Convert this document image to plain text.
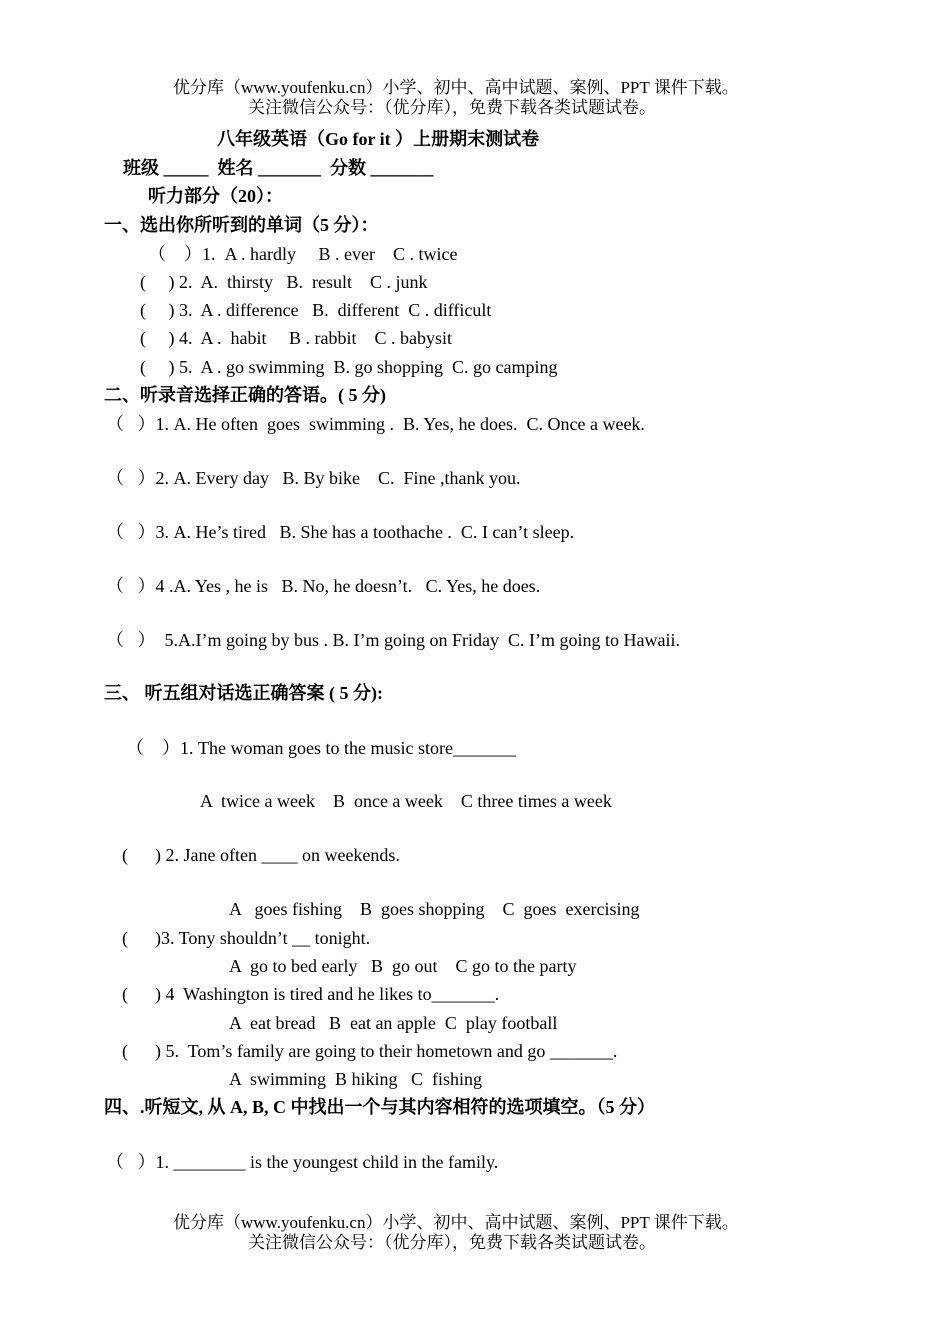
优分库（www.youfenku.cn）小学、初中、高中试题、案例、PPT 课件下载。
关注微信公众号：（优分库），免费下载各类试题试卷。
八年级英语（Go for it ）上册期末测试卷
班级 _____  姓名 _______  分数 _______
听力部分（20）：
一、选出你所听到的单词（5 分）：
（    ）1.  A . hardly     B . ever    C . twice
(     ) 2.  A.  thirsty   B.  result    C . junk
(     ) 3.  A . difference   B.  different  C . difficult
(     ) 4.  A .  habit     B . rabbit    C . babysit
(     ) 5.  A . go swimming  B. go shopping  C. go camping
二、听录音选择正确的答语。( 5 分)
（   ）1. A. He often  goes  swimming .  B. Yes, he does.  C. Once a week.
（   ）2. A. Every day   B. By bike    C.  Fine ,thank you.
（   ）3. A. He’s tired   B. She has a toothache .  C. I can’t sleep.
（   ）4 .A. Yes , he is   B. No, he doesn’t.   C. Yes, he does.
（   ）  5.A.I’m going by bus . B. I’m going on Friday  C. I’m going to Hawaii.
三、 听五组对话选正确答案 ( 5 分):
（    ）1. The woman goes to the music store_______
A  twice a week    B  once a week    C three times a week
(      ) 2. Jane often ____ on weekends.
A   goes fishing    B  goes shopping    C  goes  exercising
(      )3. Tony shouldn’t __ tonight.
A  go to bed early   B  go out    C go to the party
(      ) 4  Washington is tired and he likes to_______.
A  eat bread   B  eat an apple  C  play football
(      ) 5.  Tom’s family are going to their hometown and go _______.
A  swimming  B hiking   C  fishing
四、.听短文, 从 A, B, C 中找出一个与其内容相符的选项填空。（5 分）
（   ）1. ________ is the youngest child in the family.
优分库（www.youfenku.cn）小学、初中、高中试题、案例、PPT 课件下载。
关注微信公众号：（优分库），免费下载各类试题试卷。
